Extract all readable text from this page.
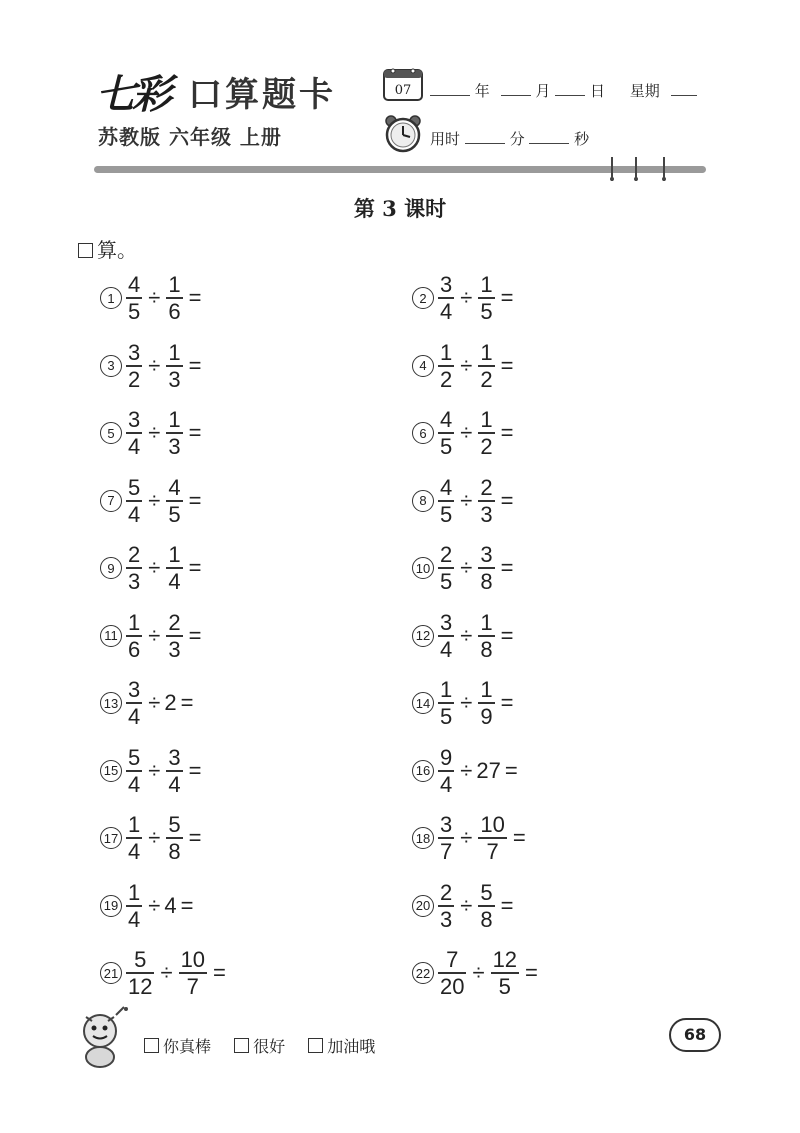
七彩 口算题卡
苏教版 六年级 上册
07	年	月	日 星期
用时	分	秒
第 3 课时
算。
$1 \frac{4}{5} \div \frac{1}{6}$ =	$2 \frac{3}{4} \div \frac{1}{5}$ =
$3 \frac{3}{2} \div \frac{1}{3}$ =	$4 \frac{1}{2} \div \frac{1}{2}$ =
$5 \frac{3}{4} \div \frac{1}{3}$ =	$6 \frac{4}{5} \div \frac{1}{2}$ =
$7 \frac{5}{4} \div \frac{4}{5}$ =	$8 \frac{4}{5} \div \frac{2}{3}$ =
$9 \frac{2}{3} \div \frac{1}{4}$ =	$10 \frac{2}{5} \div \frac{3}{8}$ =
$11 \frac{1}{6} \div \frac{2}{3}$ =	$12 \frac{3}{4} \div \frac{1}{8}$ =
$13 \frac{3}{4} \div 2$ =	$14 \frac{1}{5} \div \frac{1}{9}$ =
$15 \frac{5}{4} \div \frac{3}{4}$ =	$16 \frac{9}{4} \div 27$ =
$17 \frac{1}{4} \div \frac{5}{8}$ =	$18 \frac{3}{7} \div \frac{10}{7}$ =
$19 \frac{1}{4} \div 4$ =	$20 \frac{2}{3} \div \frac{5}{8}$ =
$21 \frac{5}{12} \div \frac{10}{7}$ =	$22 \frac{7}{20} \div \frac{12}{5}$ =
你真棒	很好	加油哦
68
